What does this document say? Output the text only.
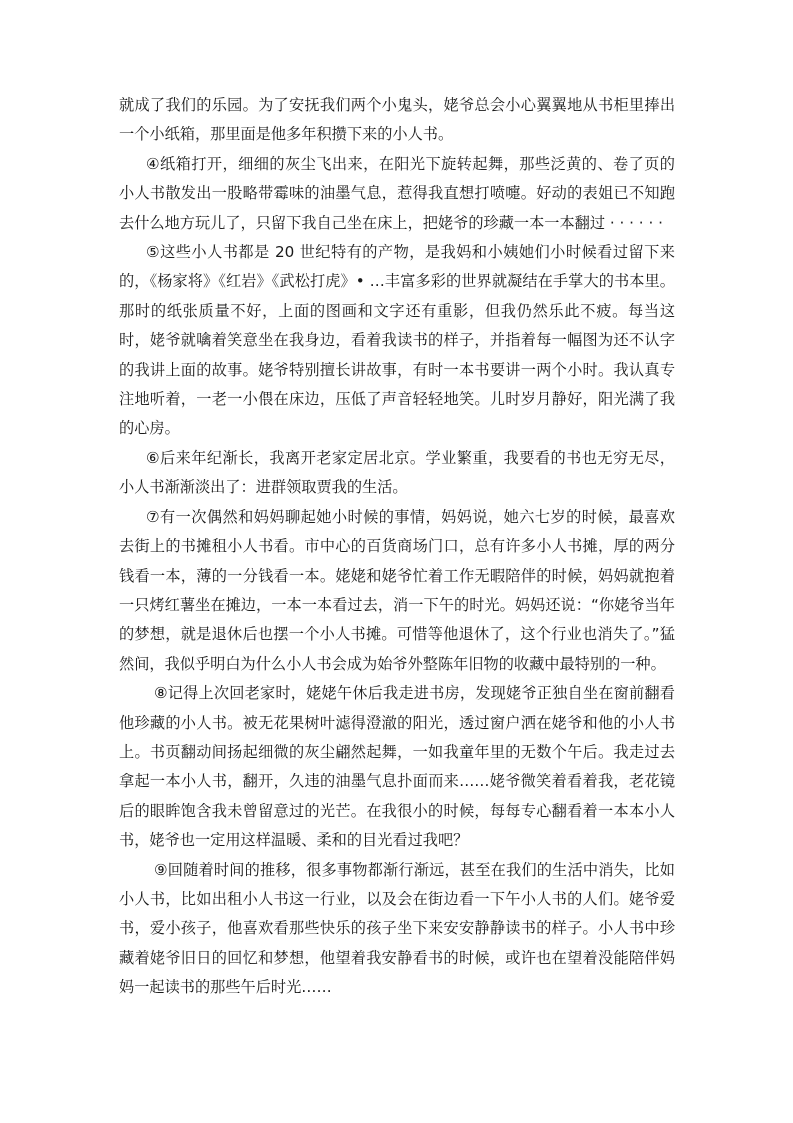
就成了我们的乐园。为了安抚我们两个小鬼头，姥爷总会小心翼翼地从书柜里捧出一个小纸箱，那里面是他多年积攒下来的小人书。

④纸箱打开，细细的灰尘飞出来，在阳光下旋转起舞，那些泛黄的、卷了页的小人书散发出一股略带霉味的油墨气息，惹得我直想打喷嚏。好动的表姐已不知跑去什么地方玩儿了，只留下我自己坐在床上，把姥爷的珍藏一本一本翻过 · · · · · ·

⑤这些小人书都是 20 世纪特有的产物，是我妈和小姨她们小时候看过留下来的，《杨家将》《红岩》《武松打虎》• …丰富多彩的世界就凝结在手掌大的书本里。那时的纸张质量不好，上面的图画和文字还有重影，但我仍然乐此不疲。每当这时，姥爷就噙着笑意坐在我身边，看着我读书的样子，并指着每一幅图为还不认字的我讲上面的故事。姥爷特别擅长讲故事，有时一本书要讲一两个小时。我认真专注地听着，一老一小偎在床边，压低了声音轻轻地笑。儿时岁月静好，阳光满了我的心房。

⑥后来年纪渐长，我离开老家定居北京。学业繁重，我要看的书也无穷无尽，小人书渐渐淡出了：进群领取贾我的生活。

⑦有一次偶然和妈妈聊起她小时候的事情，妈妈说，她六七岁的时候，最喜欢去街上的书摊租小人书看。市中心的百货商场门口，总有许多小人书摊，厚的两分钱看一本，薄的一分钱看一本。姥姥和姥爷忙着工作无暇陪伴的时候，妈妈就抱着一只烤红薯坐在摊边，一本一本看过去，消一下午的时光。妈妈还说：“你姥爷当年的梦想，就是退休后也摆一个小人书摊。可惜等他退休了，这个行业也消失了。”猛然间，我似乎明白为什么小人书会成为始爷外整陈年旧物的收藏中最特别的一种。

⑧记得上次回老家时，姥姥午休后我走进书房，发现姥爷正独自坐在窗前翻看他珍藏的小人书。被无花果树叶滤得澄澈的阳光，透过窗户洒在姥爷和他的小人书上。书页翻动间扬起细微的灰尘翩然起舞，一如我童年里的无数个午后。我走过去拿起一本小人书，翻开，久违的油墨气息扑面而来……姥爷微笑着看着我，老花镜后的眼眸饱含我未曾留意过的光芒。在我很小的时候，每每专心翻看着一本本小人书，姥爷也一定用这样温暖、柔和的目光看过我吧？

⑨回随着时间的推移，很多事物都渐行渐远，甚至在我们的生活中消失，比如小人书，比如出租小人书这一行业，以及会在街边看一下午小人书的人们。姥爷爱书，爱小孩子，他喜欢看那些快乐的孩子坐下来安安静静读书的样子。小人书中珍藏着姥爷旧日的回忆和梦想，他望着我安静看书的时候，或许也在望着没能陪伴妈妈一起读书的那些午后时光……
